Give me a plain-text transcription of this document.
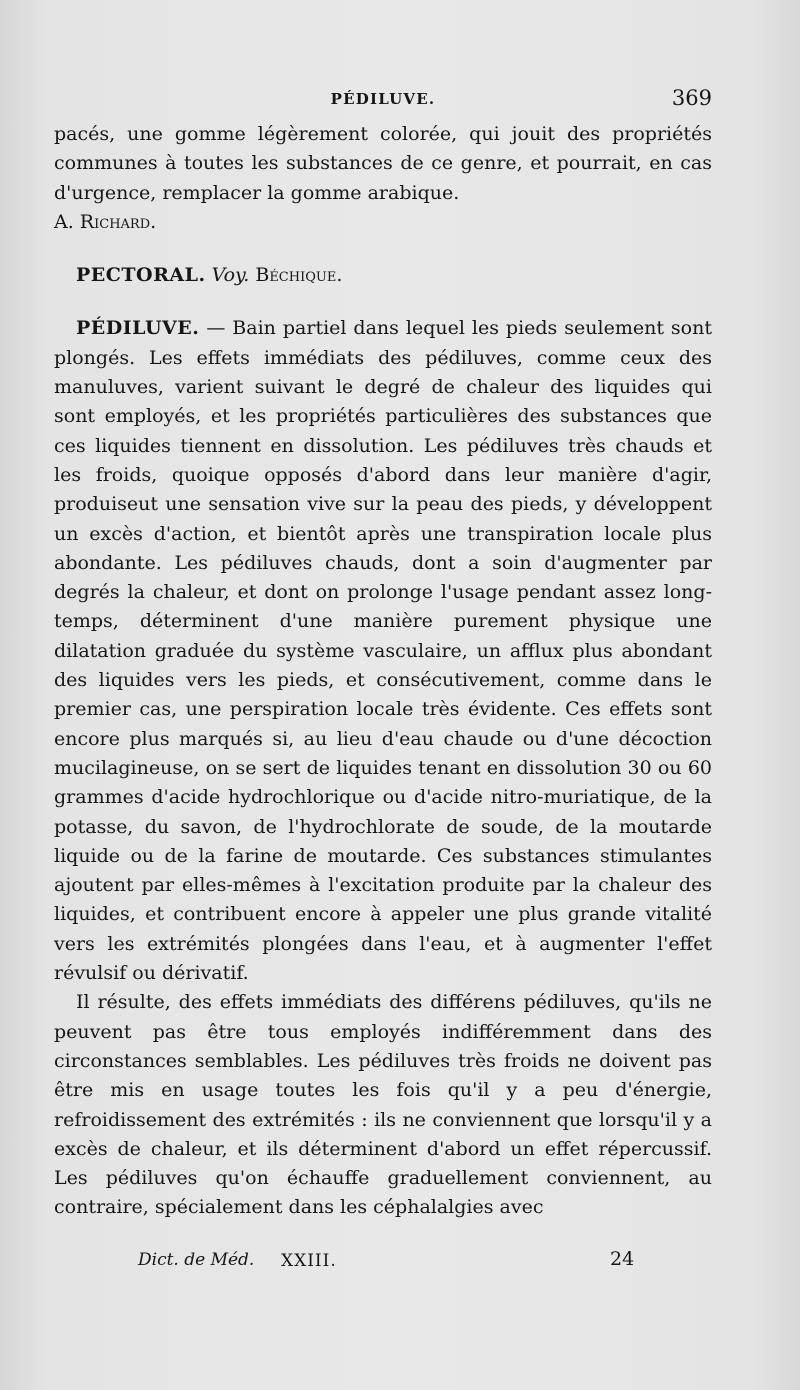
PÉDILUVE.	369

pacés, une gomme légèrement colorée, qui jouit des propriétés communes à toutes les substances de ce genre, et pourrait, en cas d'urgence, remplacer la gomme arabique.

A. Richard.

PECTORAL. Voy. Béchique.

PÉDILUVE. — Bain partiel dans lequel les pieds seulement sont plongés. Les effets immédiats des pédiluves, comme ceux des manuluves, varient suivant le degré de chaleur des liquides qui sont employés, et les propriétés particulières des substances que ces liquides tiennent en dissolution. Les pédiluves très chauds et les froids, quoique opposés d'abord dans leur manière d'agir, produiseut une sensation vive sur la peau des pieds, y développent un excès d'action, et bientôt après une transpiration locale plus abondante. Les pédiluves chauds, dont a soin d'augmenter par degrés la chaleur, et dont on prolonge l'usage pendant assez long-temps, déterminent d'une manière purement physique une dilatation graduée du système vasculaire, un afflux plus abondant des liquides vers les pieds, et consécutivement, comme dans le premier cas, une perspiration locale très évidente. Ces effets sont encore plus marqués si, au lieu d'eau chaude ou d'une décoction mucilagineuse, on se sert de liquides tenant en dissolution 30 ou 60 grammes d'acide hydrochlorique ou d'acide nitro-muriatique, de la potasse, du savon, de l'hydrochlorate de soude, de la moutarde liquide ou de la farine de moutarde. Ces substances stimulantes ajoutent par elles-mêmes à l'excitation produite par la chaleur des liquides, et contribuent encore à appeler une plus grande vitalité vers les extrémités plongées dans l'eau, et à augmenter l'effet révulsif ou dérivatif.

Il résulte, des effets immédiats des différens pédiluves, qu'ils ne peuvent pas être tous employés indifféremment dans des circonstances semblables. Les pédiluves très froids ne doivent pas être mis en usage toutes les fois qu'il y a peu d'énergie, refroidissement des extrémités : ils ne conviennent que lorsqu'il y a excès de chaleur, et ils déterminent d'abord un effet répercussif. Les pédiluves qu'on échauffe graduellement conviennent, au contraire, spécialement dans les céphalalgies avec

Dict. de Méd. XXIII.	24
